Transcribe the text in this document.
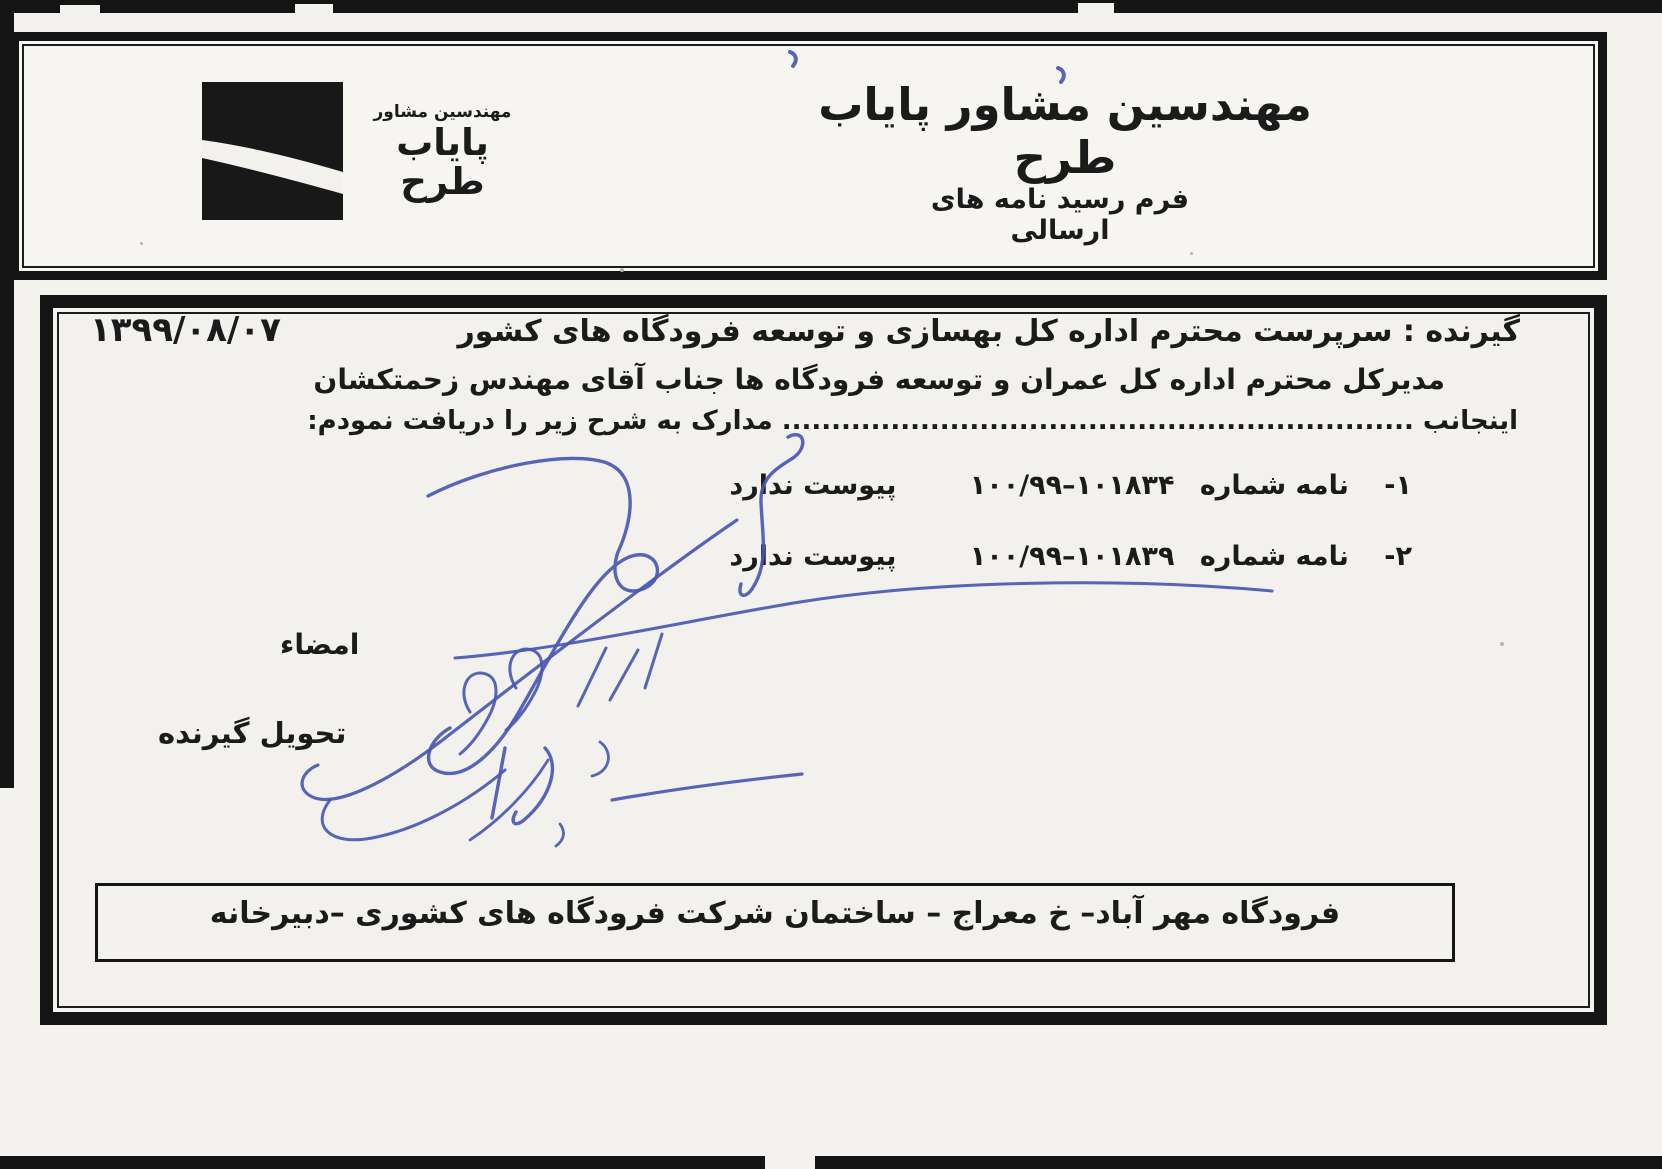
مهندسین مشاور
پایاب طرح
مهندسین مشاور پایاب طرح
فرم رسید نامه های ارسالی
۱۳۹۹/۰۸/۰۷	گیرنده : سرپرست محترم اداره کل بهسازی و توسعه فرودگاه های کشور
مدیرکل محترم اداره کل عمران و توسعه فرودگاه ها جناب آقای مهندس زحمتکشان
اینجانب ................................................................ مدارک به شرح زیر را دریافت نمودم:
۱- نامه شماره ۱۰۰/۹۹–۱۰۱۸۳۴ پیوست ندارد
۲- نامه شماره ۱۰۰/۹۹–۱۰۱۸۳۹ پیوست ندارد
امضاء
تحویل گیرنده
فرودگاه مهر آباد– خ معراج – ساختمان شرکت فرودگاه های کشوری –دبیرخانه
